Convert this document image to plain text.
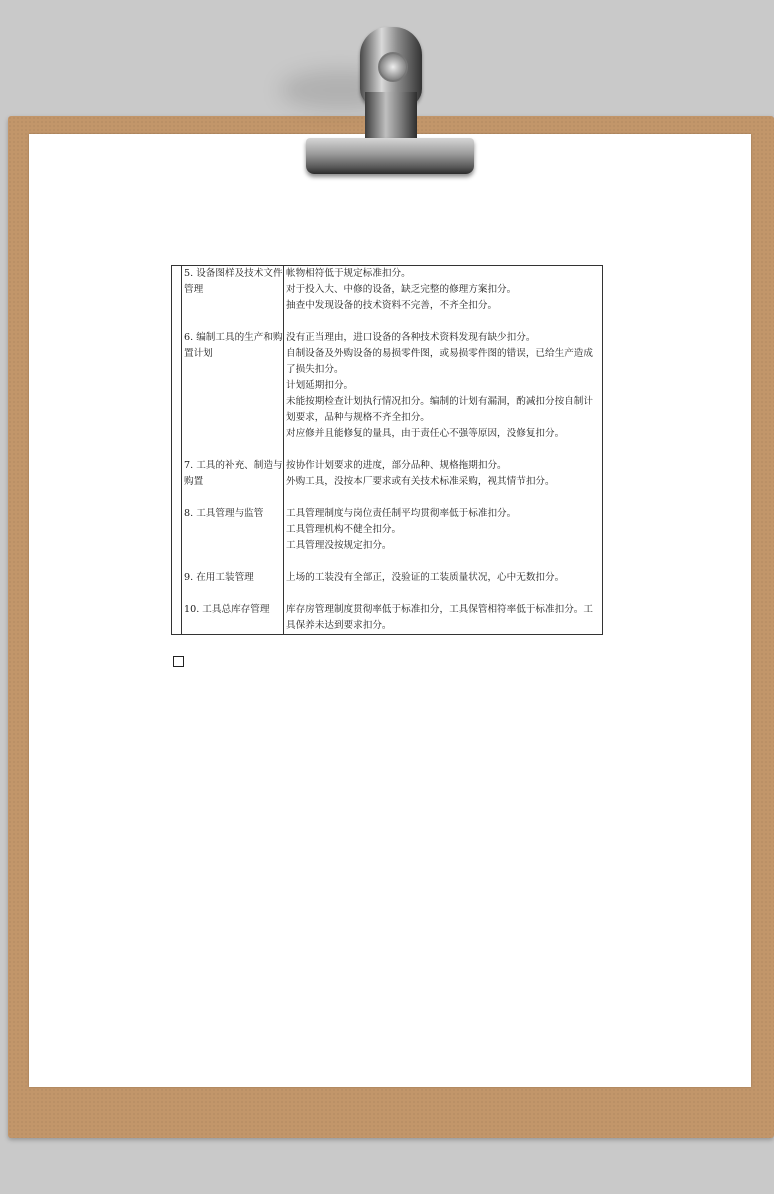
	5. 设备图样及技术文件管理	帐物相符低于规定标准扣分。
对于投入大、中修的设备，缺乏完整的修理方案扣分。
抽查中发现设备的技术资料不完善，不齐全扣分。

	6. 编制工具的生产和购置计划	没有正当理由，进口设备的各种技术资料发现有缺少扣分。
自制设备及外购设备的易损零件图，或易损零件图的错误，已给生产造成了损失扣分。
计划延期扣分。
未能按期检查计划执行情况扣分。编制的计划有漏洞，酌减扣分按自制计划要求，品种与规格不齐全扣分。
对应修并且能修复的量具，由于责任心不强等原因，没修复扣分。

	7. 工具的补充、制造与购置	按协作计划要求的进度，部分品种、规格拖期扣分。
外购工具，没按本厂要求或有关技术标准采购，视其情节扣分。

	8. 工具管理与监管	工具管理制度与岗位责任制平均贯彻率低于标准扣分。
工具管理机构不健全扣分。
工具管理没按规定扣分。

	9. 在用工装管理	上场的工装没有全部正，没验证的工装质量状况，心中无数扣分。

	10. 工具总库存管理	库存房管理制度贯彻率低于标准扣分，工具保管相符率低于标准扣分。工具保养未达到要求扣分。
